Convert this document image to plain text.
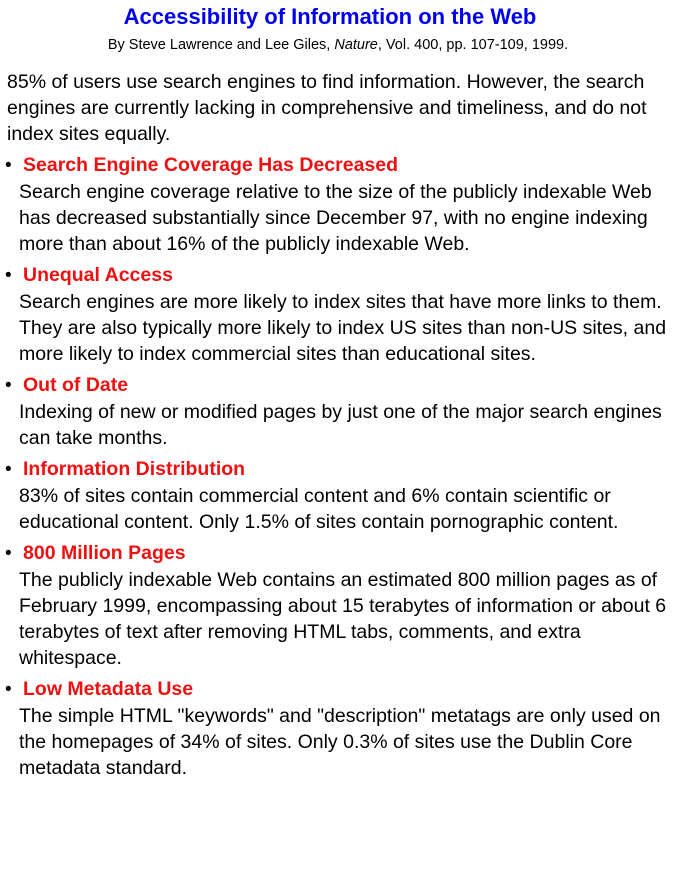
Accessibility of Information on the Web
By Steve Lawrence and Lee Giles, Nature, Vol. 400, pp. 107-109, 1999.

85% of users use search engines to find information. However, the search engines are currently lacking in comprehensive and timeliness, and do not index sites equally.

• Search Engine Coverage Has Decreased

Search engine coverage relative to the size of the publicly indexable Web has decreased substantially since December 97, with no engine indexing more than about 16% of the publicly indexable Web.

• Unequal Access

Search engines are more likely to index sites that have more links to them. They are also typically more likely to index US sites than non-US sites, and more likely to index commercial sites than educational sites.

• Out of Date

Indexing of new or modified pages by just one of the major search engines can take months.

• Information Distribution

83% of sites contain commercial content and 6% contain scientific or educational content. Only 1.5% of sites contain pornographic content.

• 800 Million Pages

The publicly indexable Web contains an estimated 800 million pages as of February 1999, encompassing about 15 terabytes of information or about 6 terabytes of text after removing HTML tabs, comments, and extra whitespace.

• Low Metadata Use

The simple HTML "keywords" and "description" metatags are only used on the homepages of 34% of sites. Only 0.3% of sites use the Dublin Core metadata standard.
